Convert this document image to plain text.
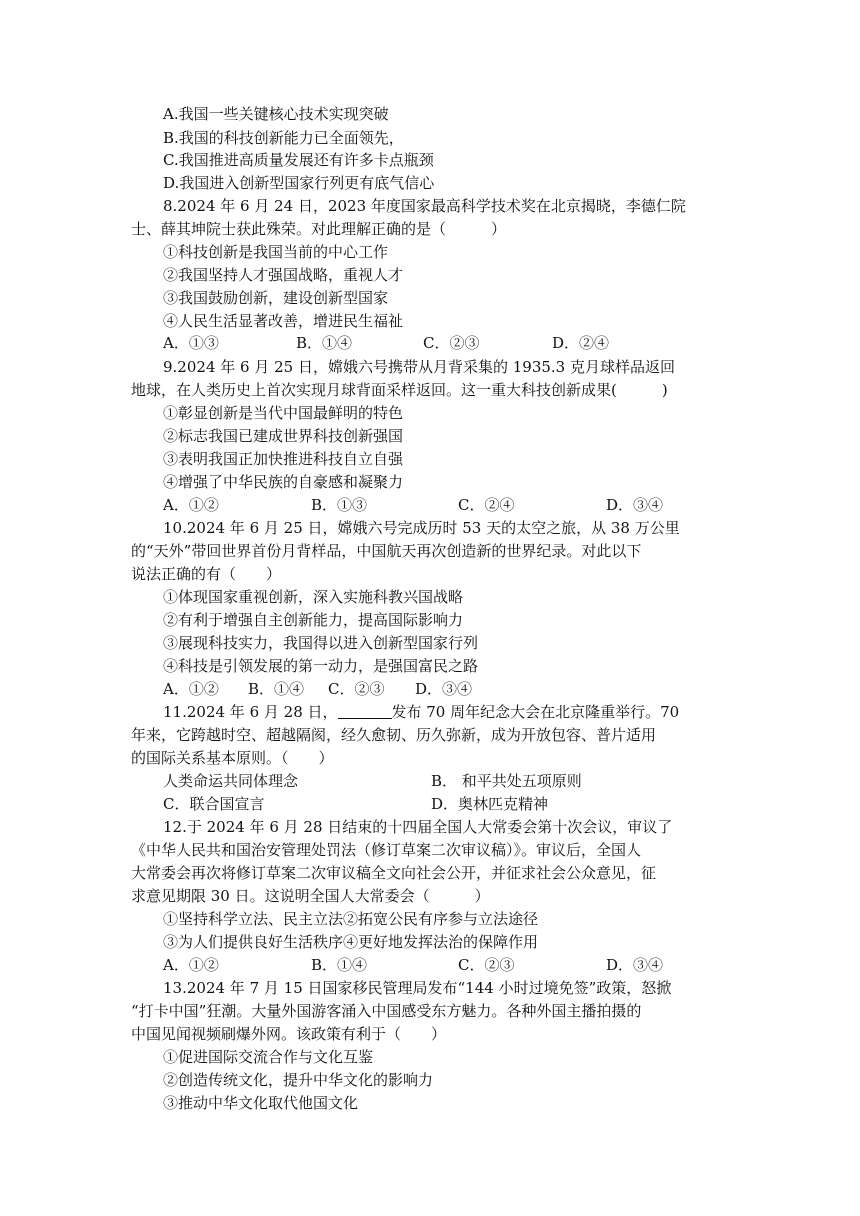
A.我国一些关键核心技术实现突破
B.我国的科技创新能力已全面领先，
C.我国推进高质量发展还有许多卡点瓶颈
D.我国进入创新型国家行列更有底气信心
8.2024 年 6 月 24 日，2023 年度国家最高科学技术奖在北京揭晓，李德仁院
士、薛其坤院士获此殊荣。对此理解正确的是（　　　）
①科技创新是我国当前的中心工作
②我国坚持人才强国战略，重视人才
③我国鼓励创新，建设创新型国家
④人民生活显著改善，增进民生福祉
A．①③	B．①④	C．②③	D．②④
9.2024 年 6 月 25 日，嫦娥六号携带从月背采集的 1935.3 克月球样品返回
地球，在人类历史上首次实现月球背面采样返回。这一重大科技创新成果(　　　)
①彰显创新是当代中国最鲜明的特色
②标志我国已建成世界科技创新强国
③表明我国正加快推进科技自立自强
④增强了中华民族的自豪感和凝聚力
A．①②	B．①③	C．②④	D．③④
10.2024 年 6 月 25 日，嫦娥六号完成历时 53 天的太空之旅，从 38 万公里
的“天外”带回世界首份月背样品，中国航天再次创造新的世界纪录。对此以下
说法正确的有（　　）
①体现国家重视创新，深入实施科教兴国战略
②有利于增强自主创新能力，提高国际影响力
③展现科技实力，我国得以进入创新型国家行列
④科技是引领发展的第一动力，是强国富民之路
A．①② B．①④ C．②③ D．③④
11.2024 年 6 月 28 日，	发布 70 周年纪念大会在北京隆重举行。70
年来，它跨越时空、超越隔阂，经久愈韧、历久弥新，成为开放包容、普片适用
的国际关系基本原则。（　　）
人类命运共同体理念	B． 和平共处五项原则
C．联合国宣言	D．奥林匹克精神
12.于 2024 年 6 月 28 日结束的十四届全国人大常委会第十次会议，审议了
《中华人民共和国治安管理处罚法（修订草案二次审议稿）》。审议后，全国人
大常委会再次将修订草案二次审议稿全文向社会公开，并征求社会公众意见，征
求意见期限 30 日。这说明全国人大常委会（　　　）
①坚持科学立法、民主立法②拓宽公民有序参与立法途径
③为人们提供良好生活秩序④更好地发挥法治的保障作用
A．①②	B．①④	C．②③	D．③④
13.2024 年 7 月 15 日国家移民管理局发布“144 小时过境免签”政策，怒掀
“打卡中国”狂潮。大量外国游客涌入中国感受东方魅力。各种外国主播拍摄的
中国见闻视频刷爆外网。该政策有利于（　　）
①促进国际交流合作与文化互鉴
②创造传统文化，提升中华文化的影响力
③推动中华文化取代他国文化
